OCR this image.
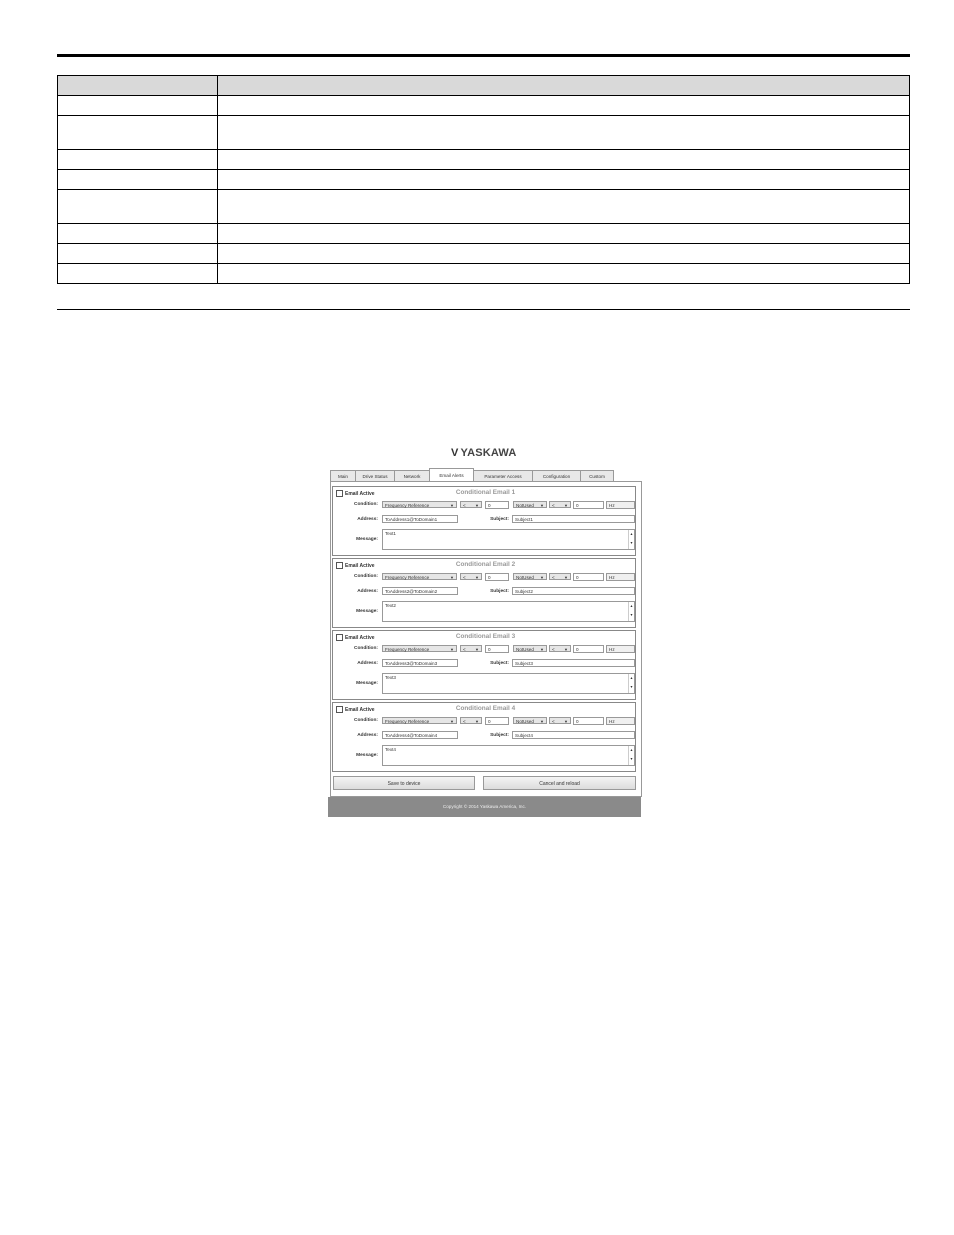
V YASKAWA
Main	Drive Status	Network	Email Alerts	Parameter Access	Configuration	Custom
Email Active	Conditional Email 1
Condition:	Frequency Reference	▼	< ▼	0	NotUsed ▼	< ▼	0	Hz
Address:	ToAddress1@ToDomain1	Subject:	Subject1
Message:
Text1	▲
▼
Email Active	Conditional Email 2
Condition:	Frequency Reference	▼	< ▼	0	NotUsed ▼	< ▼	0	Hz
Address:	ToAddress2@ToDomain2	Subject:	Subject2
Message:
Text2	▲
▼
Email Active	Conditional Email 3
Condition:	Frequency Reference	▼	< ▼	0	NotUsed ▼	< ▼	0	Hz
Address:	ToAddress3@ToDomain3	Subject:	Subject3
Message:
Text3	▲
▼
Email Active	Conditional Email 4
Condition:	Frequency Reference	▼	< ▼	0	NotUsed ▼	< ▼	0	Hz
Address:	ToAddress4@ToDomain4	Subject:	Subject4
Message:
Text4	▲
▼
Save to device	Cancel and reload
Copyright © 2014 Yaskawa America, Inc.
